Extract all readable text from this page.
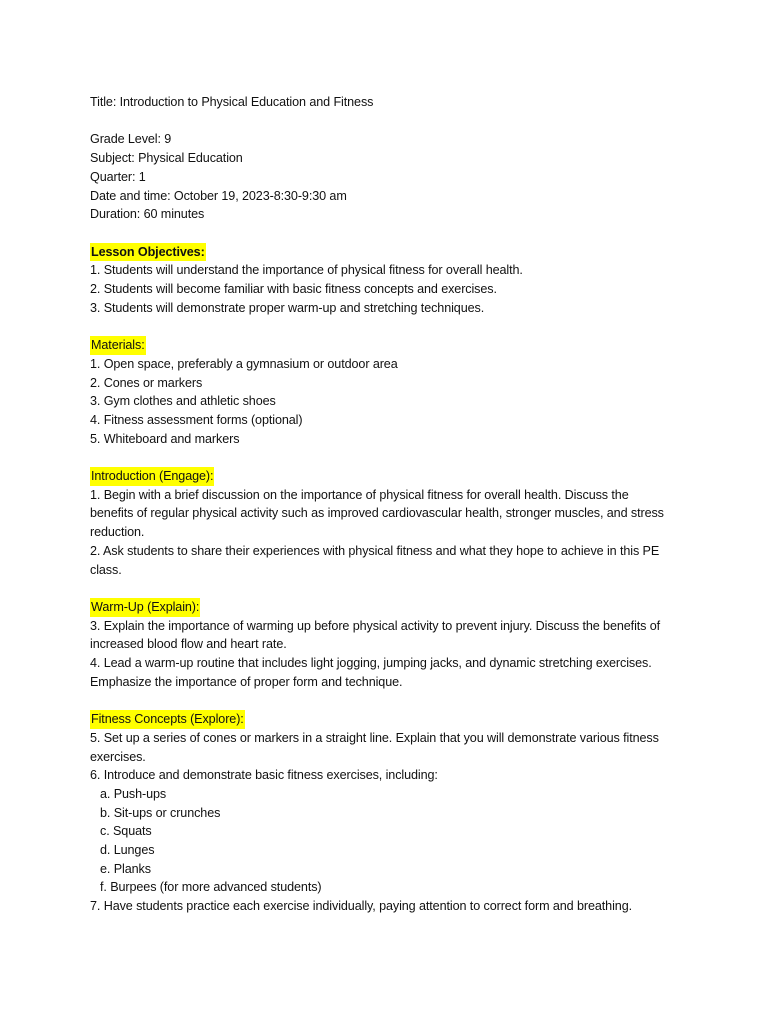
Title: Introduction to Physical Education and Fitness
Grade Level: 9
Subject: Physical Education
Quarter: 1
Date and time: October 19, 2023-8:30-9:30 am
Duration: 60 minutes
Lesson Objectives:
1. Students will understand the importance of physical fitness for overall health.
2. Students will become familiar with basic fitness concepts and exercises.
3. Students will demonstrate proper warm-up and stretching techniques.
Materials:
1. Open space, preferably a gymnasium or outdoor area
2. Cones or markers
3. Gym clothes and athletic shoes
4. Fitness assessment forms (optional)
5. Whiteboard and markers
Introduction (Engage):
1. Begin with a brief discussion on the importance of physical fitness for overall health. Discuss the
benefits of regular physical activity such as improved cardiovascular health, stronger muscles, and stress
reduction.
2. Ask students to share their experiences with physical fitness and what they hope to achieve in this PE
class.
Warm-Up (Explain):
3. Explain the importance of warming up before physical activity to prevent injury. Discuss the benefits of
increased blood flow and heart rate.
4. Lead a warm-up routine that includes light jogging, jumping jacks, and dynamic stretching exercises.
Emphasize the importance of proper form and technique.
Fitness Concepts (Explore):
5. Set up a series of cones or markers in a straight line. Explain that you will demonstrate various fitness
exercises.
6. Introduce and demonstrate basic fitness exercises, including:
a. Push-ups
b. Sit-ups or crunches
c. Squats
d. Lunges
e. Planks
f. Burpees (for more advanced students)
7. Have students practice each exercise individually, paying attention to correct form and breathing.
